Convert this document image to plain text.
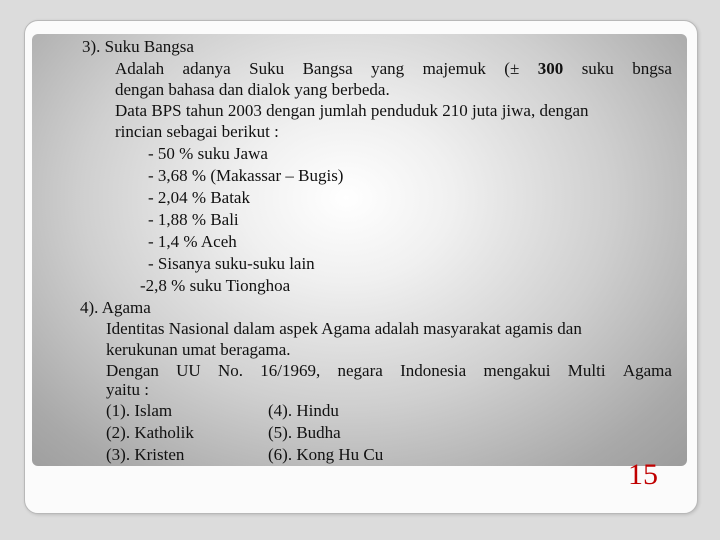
3). Suku Bangsa

Adalah adanya Suku Bangsa yang majemuk (± 300 suku bngsa

dengan bahasa dan dialok yang berbeda.

Data BPS tahun 2003 dengan jumlah penduduk 210 juta jiwa, dengan

rincian sebagai berikut :

- 50 % suku Jawa

- 3,68 % (Makassar – Bugis)

- 2,04 % Batak

- 1,88 % Bali

- 1,4 % Aceh

- Sisanya suku-suku lain

-2,8 % suku Tionghoa

4). Agama

Identitas Nasional dalam aspek Agama adalah masyarakat agamis dan

kerukunan umat beragama.

Dengan UU No. 16/1969, negara Indonesia mengakui Multi Agama

yaitu :

(1). Islam

(2). Katholik

(3). Kristen

(4). Hindu

(5). Budha

(6). Kong Hu Cu

15
